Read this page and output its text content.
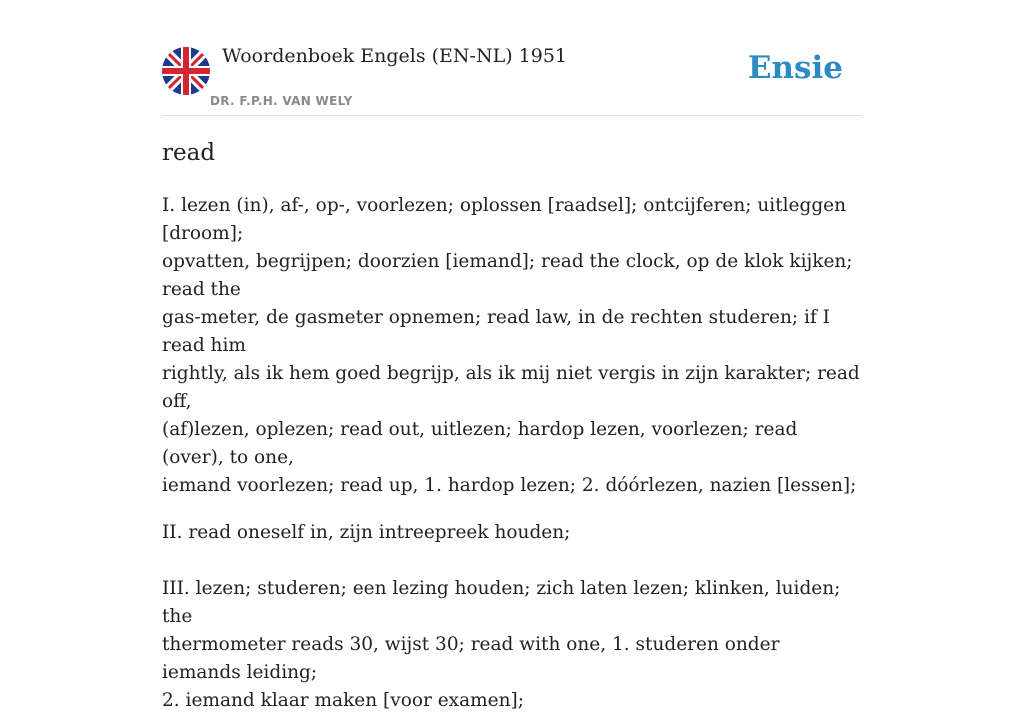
Woordenboek Engels (EN-NL) 1951
DR. F.P.H. VAN WELY
Ensie
read

I. lezen (in), af-, op-, voorlezen; oplossen [raadsel]; ontcijferen; uitleggen [droom];
opvatten, begrijpen; doorzien [iemand]; read the clock, op de klok kijken; read the
gas-meter, de gasmeter opnemen; read law, in de rechten studeren; if I read him
rightly, als ik hem goed begrijp, als ik mij niet vergis in zijn karakter; read off,
(af)lezen, oplezen; read out, uitlezen; hardop lezen, voorlezen; read (over), to one,
iemand voorlezen; read up, 1. hardop lezen; 2. dóórlezen, nazien [lessen];

II. read oneself in, zijn intreepreek houden;

III. lezen; studeren; een lezing houden; zich laten lezen; klinken, luiden; the
thermometer reads 30, wijst 30; read with one, 1. studeren onder iemands leiding;
2. iemand klaar maken [voor examen];
